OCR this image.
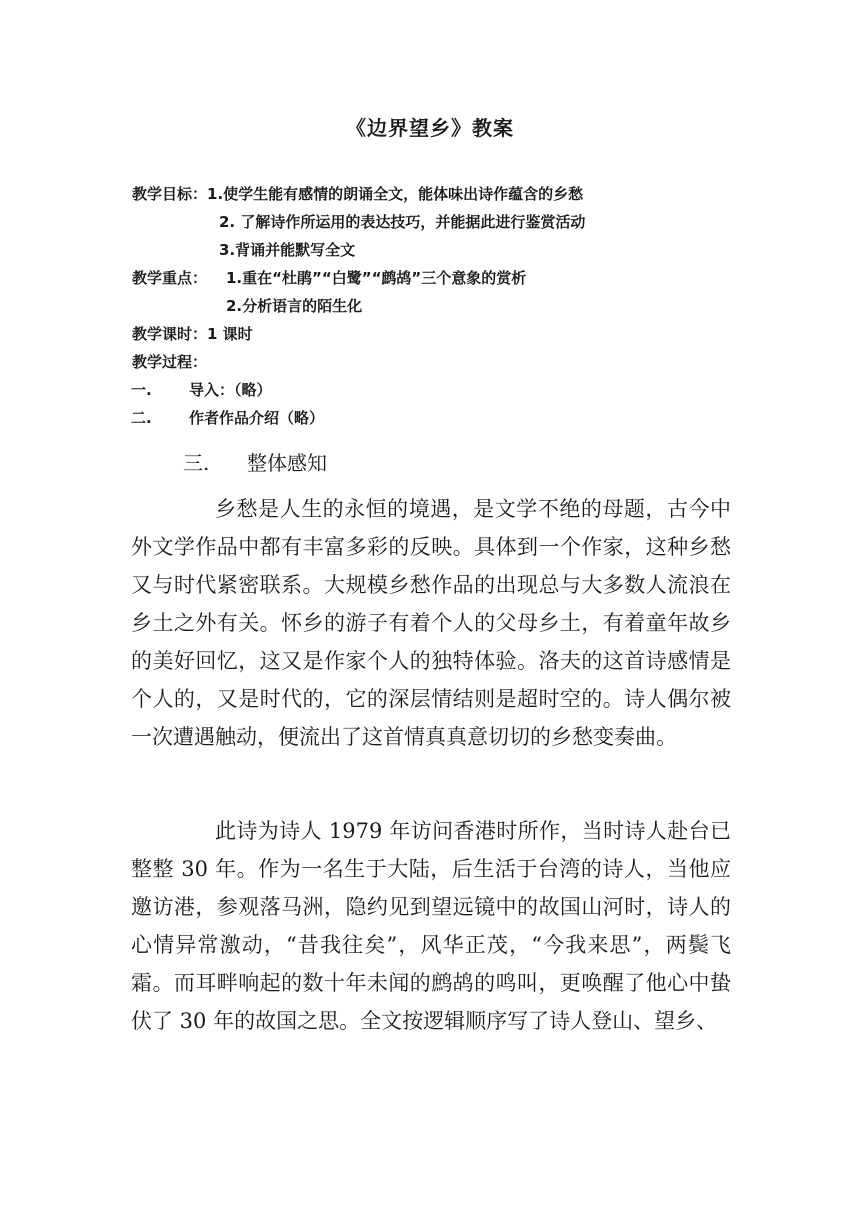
《边界望乡》教案
教学目标：1.使学生能有感情的朗诵全文，能体味出诗作蕴含的乡愁
2. 了解诗作所运用的表达技巧，并能据此进行鉴赏活动
3.背诵并能默写全文
教学重点： 1.重在“杜鹃”“白鹭”“鹧鸪”三个意象的赏析
2.分析语言的陌生化
教学课时：1 课时
教学过程：
一. 导入：（略）
二. 作者作品介绍（略）
三. 整体感知
乡愁是人生的永恒的境遇，是文学不绝的母题，古今中外文学作品中都有丰富多彩的反映。具体到一个作家，这种乡愁又与时代紧密联系。大规模乡愁作品的出现总与大多数人流浪在乡土之外有关。怀乡的游子有着个人的父母乡土，有着童年故乡的美好回忆，这又是作家个人的独特体验。洛夫的这首诗感情是个人的，又是时代的，它的深层情结则是超时空的。诗人偶尔被一次遭遇触动，便流出了这首情真真意切切的乡愁变奏曲。
此诗为诗人 1979 年访问香港时所作，当时诗人赴台已整整 30 年。作为一名生于大陆，后生活于台湾的诗人，当他应邀访港，参观落马洲，隐约见到望远镜中的故国山河时，诗人的心情异常激动，“昔我往矣”，风华正茂，“今我来思”，两鬓飞霜。而耳畔响起的数十年未闻的鹧鸪的鸣叫，更唤醒了他心中蛰伏了 30 年的故国之思。全文按逻辑顺序写了诗人登山、望乡、
